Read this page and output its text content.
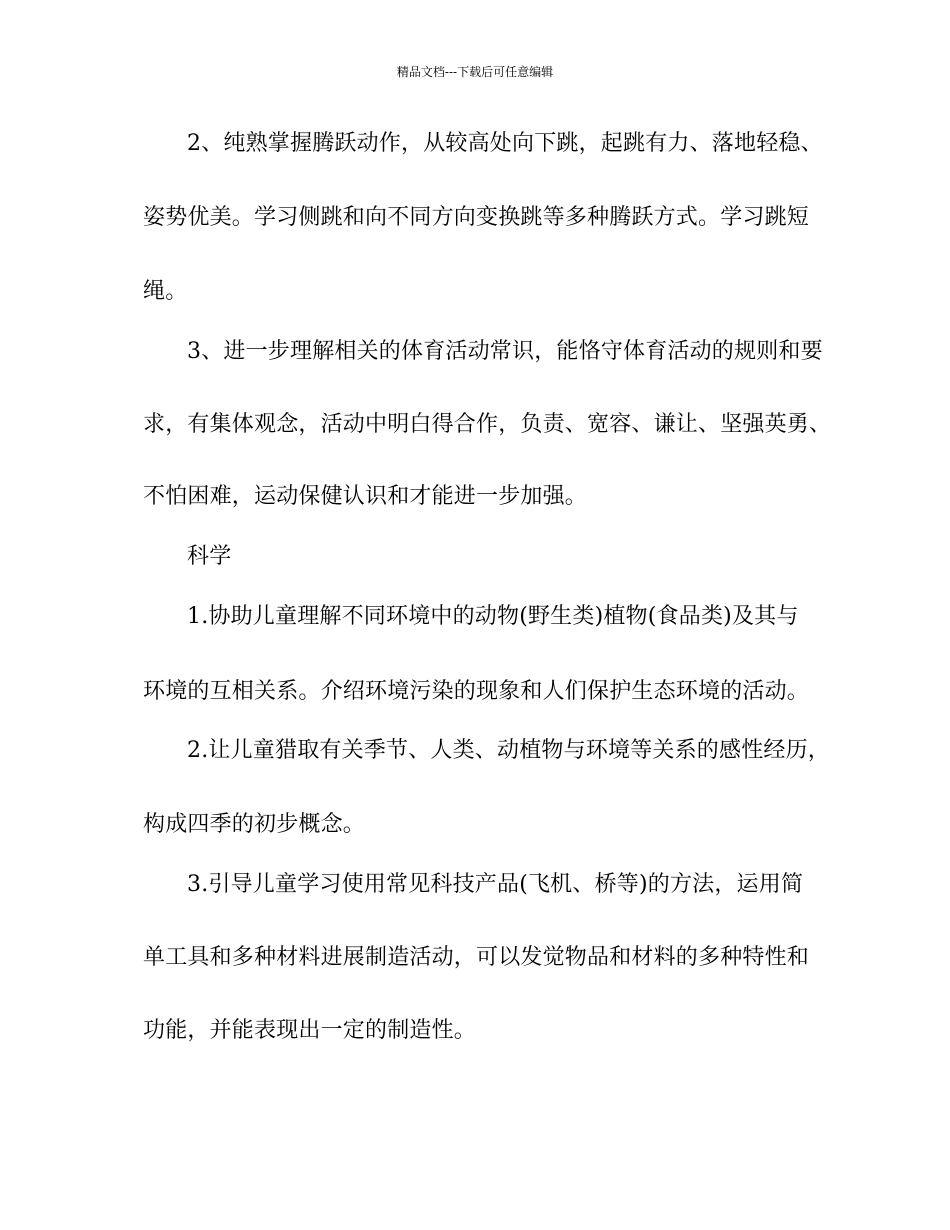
精品文档---下载后可任意编辑
2、纯熟掌握腾跃动作，从较高处向下跳，起跳有力、落地轻稳、
姿势优美。学习侧跳和向不同方向变换跳等多种腾跃方式。学习跳短
绳。
3、进一步理解相关的体育活动常识，能恪守体育活动的规则和要
求，有集体观念，活动中明白得合作，负责、宽容、谦让、坚强英勇、
不怕困难，运动保健认识和才能进一步加强。
科学
1.协助儿童理解不同环境中的动物(野生类)植物(食品类)及其与
环境的互相关系。介绍环境污染的现象和人们保护生态环境的活动。
2.让儿童猎取有关季节、人类、动植物与环境等关系的感性经历，
构成四季的初步概念。
3.引导儿童学习使用常见科技产品(飞机、桥等)的方法，运用简
单工具和多种材料进展制造活动，可以发觉物品和材料的多种特性和
功能，并能表现出一定的制造性。
